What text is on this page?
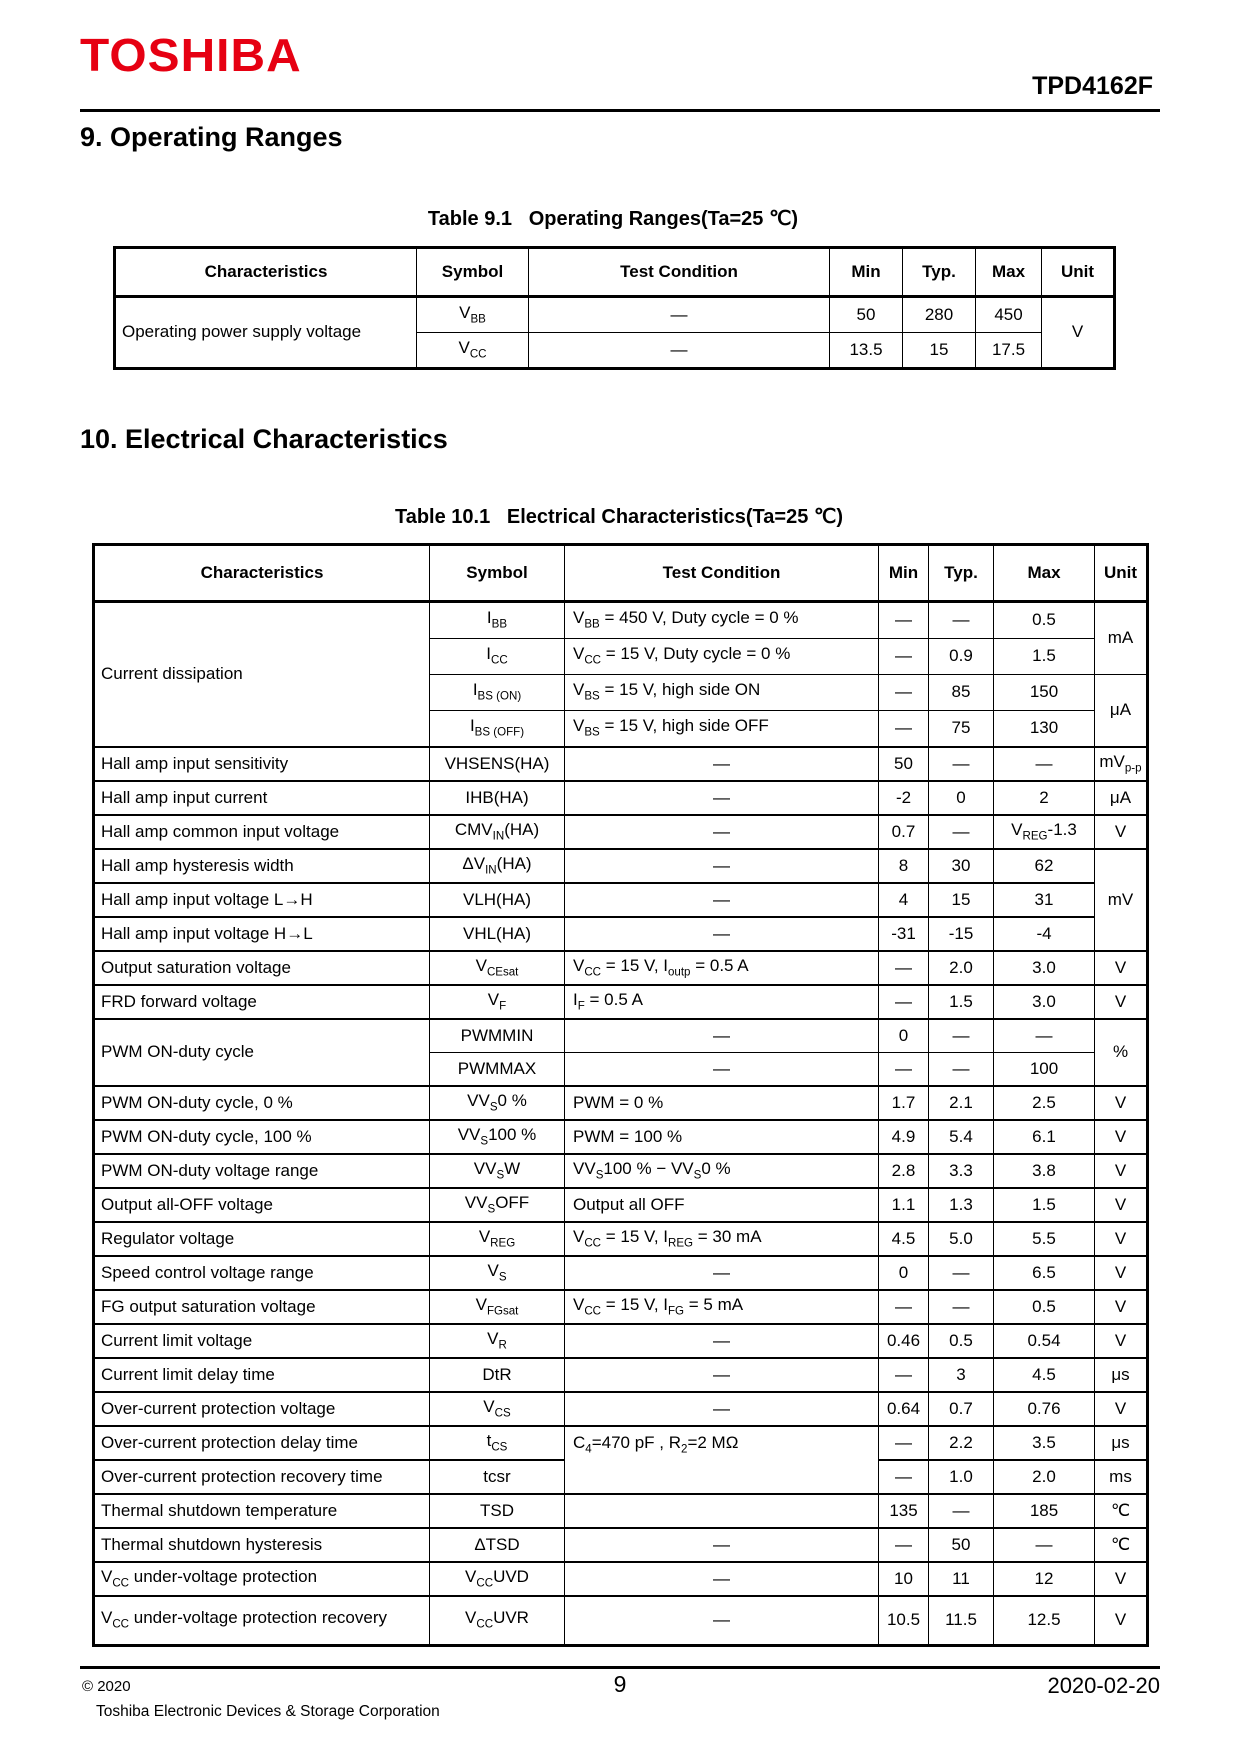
TOSHIBA
TPD4162F
9. Operating Ranges
Table 9.1   Operating Ranges(Ta=25 ℃)
Characteristics	Symbol	Test Condition	Min	Typ.	Max	Unit
Operating power supply voltage	$V_{BB}$	—	50	280	450	V
	$V_{CC}$	—	13.5	15	17.5	
10. Electrical Characteristics
Table 10.1   Electrical Characteristics(Ta=25 ℃)
Characteristics	Symbol	Test Condition	Min	Typ.	Max	Unit
Current dissipation	$I_{BB}$	$V_{BB} = 450$ V, Duty cycle = 0 %	—	—	0.5	mA
	$I_{CC}$	$V_{CC} = 15$ V, Duty cycle = 0 %	—	0.9	1.5	
	$I_{BS (ON)}$	$V_{BS} = 15$ V, high side ON	—	85	150	μA
	$I_{BS (OFF)}$	$V_{BS} = 15$ V, high side OFF	—	75	130	
Hall amp input sensitivity	VHSENS(HA)	—	50	—	—	$mV_{p-p}$
Hall amp input current	IHB(HA)	—	-2	0	2	μA
Hall amp common input voltage	$CMV_{IN}(HA)$	—	0.7	—	$V_{REG}-1.3$	V
Hall amp hysteresis width	$\Delta V_{IN}(HA)$	—	8	30	62	mV
Hall amp input voltage L→H	VLH(HA)	—	4	15	31	
Hall amp input voltage H→L	VHL(HA)	—	-31	-15	-4	
Output saturation voltage	$V_{CEsat}$	$V_{CC} = 15$ V, $I_{outp} = 0.5$ A	—	2.0	3.0	V
FRD forward voltage	$V_F$	$I_F = 0.5$ A	—	1.5	3.0	V
PWM ON-duty cycle	PWMMIN	—	0	—	—	%
	PWMMAX	—	—	—	100	
PWM ON-duty cycle, 0 %	$VV_S0$ %	PWM = 0 %	1.7	2.1	2.5	V
PWM ON-duty cycle, 100 %	$VV_S100$ %	PWM = 100 %	4.9	5.4	6.1	V
PWM ON-duty voltage range	$VV_SW$	$VV_S100$ % − $VV_S0$ %	2.8	3.3	3.8	V
Output all-OFF voltage	$VV_SOFF$	Output all OFF	1.1	1.3	1.5	V
Regulator voltage	$V_{REG}$	$V_{CC} = 15$ V, $I_{REG} = 30$ mA	4.5	5.0	5.5	V
Speed control voltage range	$V_S$	—	0	—	6.5	V
FG output saturation voltage	$V_{FGsat}$	$V_{CC} = 15$ V, $I_{FG} = 5$ mA	—	—	0.5	V
Current limit voltage	$V_R$	—	0.46	0.5	0.54	V
Current limit delay time	DtR	—	—	3	4.5	μs
Over-current protection voltage	$V_{CS}$	—	0.64	0.7	0.76	V
Over-current protection delay time	$t_{CS}$	$C_4=470$ pF , $R_2=2$ MΩ	—	2.2	3.5	μs
Over-current protection recovery time	tcsr		—	1.0	2.0	ms
Thermal shutdown temperature	TSD		135	—	185	℃
Thermal shutdown hysteresis	ΔTSD	—	—	50	—	℃
$V_{CC}$ under-voltage protection	$V_{CC}UVD$	—	10	11	12	V
$V_{CC}$ under-voltage protection recovery	$V_{CC}UVR$	—	10.5	11.5	12.5	V
© 2020	9	2020-02-20
Toshiba Electronic Devices & Storage Corporation
